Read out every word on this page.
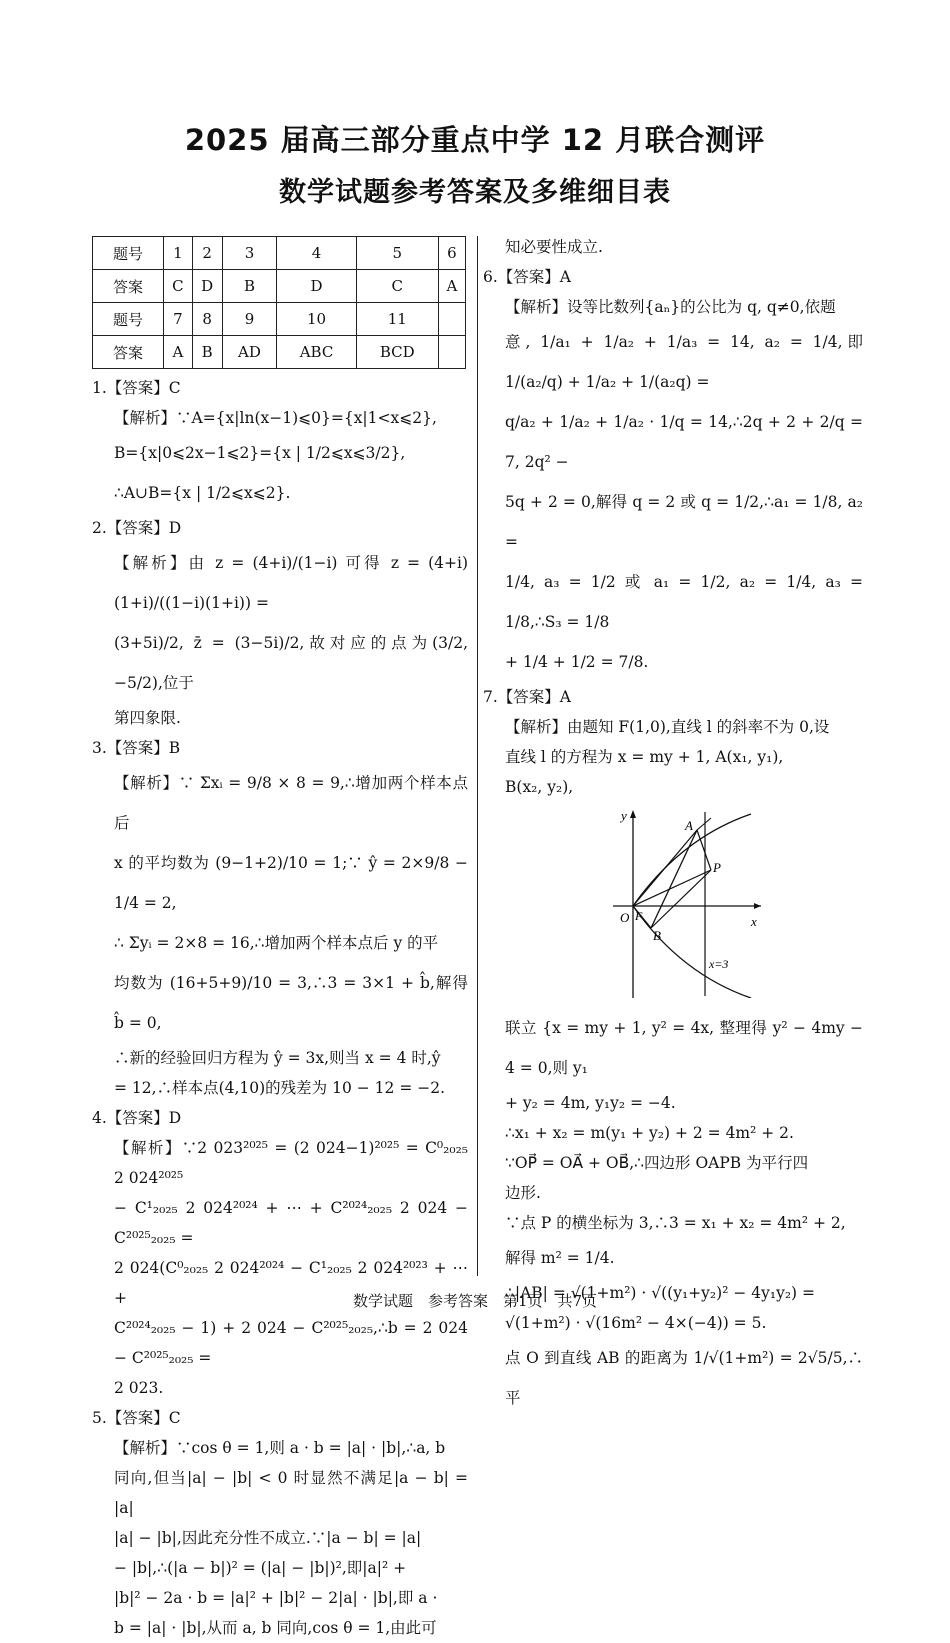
2025 届高三部分重点中学 12 月联合测评
数学试题参考答案及多维细目表
题号	1	2	3	4	5	6
答案	C	D	B	D	C	A
题号	7	8	9	10	11	
答案	A	B	AD	ABC	BCD	

1.【答案】C

【解析】∵A={x|ln(x−1)⩽0}={x|1<x⩽2},

B={x|0⩽2x−1⩽2}={x | 1/2⩽x⩽3/2},

∴A∪B={x | 1/2⩽x⩽2}.

2.【答案】D

【解析】由 z = (4+i)/(1−i) 可得 z = (4+i)(1+i)/((1−i)(1+i)) =

(3+5i)/2, z̄ = (3−5i)/2,故对应的点为(3/2, −5/2),位于

第四象限.

3.【答案】B

【解析】∵ Σxᵢ = 9/8 × 8 = 9,∴增加两个样本点后

x 的平均数为 (9−1+2)/10 = 1;∵ ŷ = 2×9/8 − 1/4 = 2,

∴ Σyᵢ = 2×8 = 16,∴增加两个样本点后 y 的平

均数为 (16+5+9)/10 = 3,∴3 = 3×1 + b̂,解得 b̂ = 0,

∴新的经验回归方程为 ŷ = 3x,则当 x = 4 时,ŷ

= 12,∴样本点(4,10)的残差为 10 − 12 = −2.

4.【答案】D

【解析】∵2 023²⁰²⁵ = (2 024−1)²⁰²⁵ = C⁰₂₀₂₅ 2 024²⁰²⁵

− C¹₂₀₂₅ 2 024²⁰²⁴ + ⋯ + C²⁰²⁴₂₀₂₅ 2 024 − C²⁰²⁵₂₀₂₅ =

2 024(C⁰₂₀₂₅ 2 024²⁰²⁴ − C¹₂₀₂₅ 2 024²⁰²³ + ⋯ +

C²⁰²⁴₂₀₂₅ − 1) + 2 024 − C²⁰²⁵₂₀₂₅,∴b = 2 024 − C²⁰²⁵₂₀₂₅ =

2 023.

5.【答案】C

【解析】∵cos θ = 1,则 a · b = |a| · |b|,∴a, b

同向,但当|a| − |b| < 0 时显然不满足|a − b| = |a|

|a| − |b|,因此充分性不成立.∵|a − b| = |a|

− |b|,∴(|a − b|)² = (|a| − |b|)²,即|a|² +

|b|² − 2a · b = |a|² + |b|² − 2|a| · |b|,即 a ·

b = |a| · |b|,从而 a, b 同向,cos θ = 1,由此可

知必要性成立.

6.【答案】A

【解析】设等比数列{aₙ}的公比为 q, q≠0,依题

意, 1/a₁ + 1/a₂ + 1/a₃ = 14, a₂ = 1/4,即 1/(a₂/q) + 1/a₂ + 1/(a₂q) =

q/a₂ + 1/a₂ + 1/a₂ · 1/q = 14,∴2q + 2 + 2/q = 7, 2q² −

5q + 2 = 0,解得 q = 2 或 q = 1/2,∴a₁ = 1/8, a₂ =

1/4, a₃ = 1/2 或 a₁ = 1/2, a₂ = 1/4, a₃ = 1/8,∴S₃ = 1/8

+ 1/4 + 1/2 = 7/8.

7.【答案】A

【解析】由题知 F(1,0),直线 l 的斜率不为 0,设

直线 l 的方程为 x = my + 1, A(x₁, y₁),

B(x₂, y₂),

y
x
O F
A
B
P
x=3

联立 {x = my + 1, y² = 4x, 整理得 y² − 4my − 4 = 0,则 y₁

+ y₂ = 4m, y₁y₂ = −4.

∴x₁ + x₂ = m(y₁ + y₂) + 2 = 4m² + 2.

∵OP⃗ = OA⃗ + OB⃗,∴四边形 OAPB 为平行四

边形.

∵点 P 的横坐标为 3,∴3 = x₁ + x₂ = 4m² + 2,

解得 m² = 1/4.

∴|AB| = √(1+m²) · √((y₁+y₂)² − 4y₁y₂) =

√(1+m²) · √(16m² − 4×(−4)) = 5.

点 O 到直线 AB 的距离为 1/√(1+m²) = 2√5/5,∴平

数学试题　参考答案　第1页　共7页
